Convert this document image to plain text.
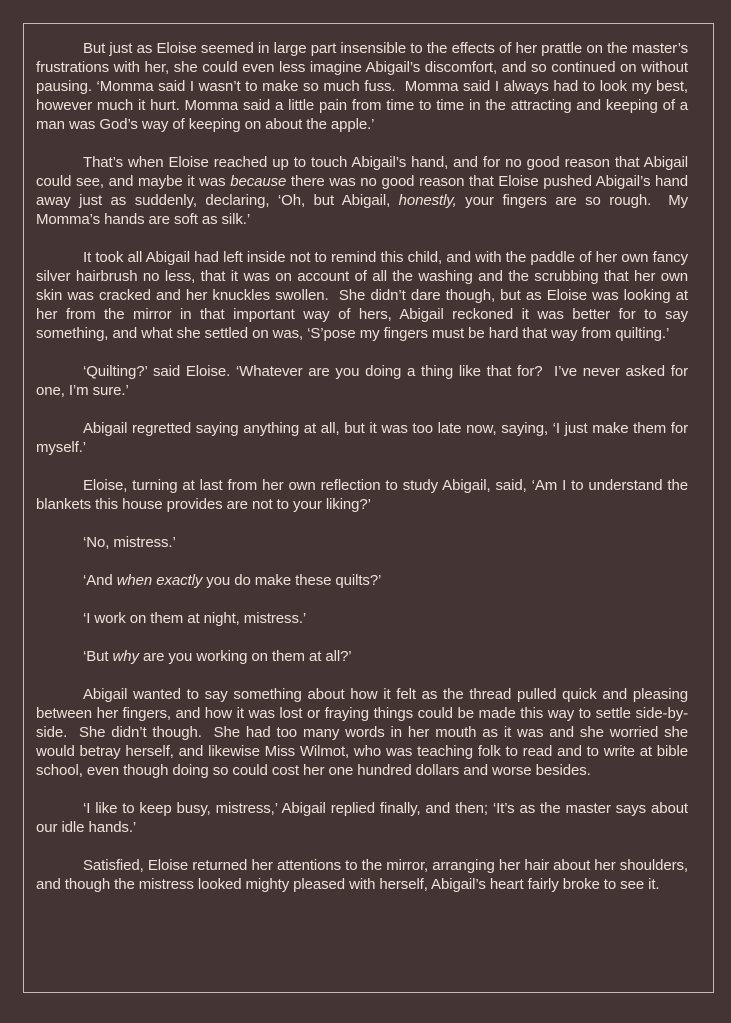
But just as Eloise seemed in large part insensible to the effects of her prattle on the master’s frustrations with her, she could even less imagine Abigail’s discomfort, and so continued on without pausing. ‘Momma said I wasn’t to make so much fuss.  Momma said I always had to look my best, however much it hurt. Momma said a little pain from time to time in the attracting and keeping of a man was God’s way of keeping on about the apple.’

That’s when Eloise reached up to touch Abigail’s hand, and for no good reason that Abigail could see, and maybe it was because there was no good reason that Eloise pushed Abigail’s hand away just as suddenly, declaring, ‘Oh, but Abigail, honestly, your fingers are so rough.  My Momma’s hands are soft as silk.’

It took all Abigail had left inside not to remind this child, and with the paddle of her own fancy silver hairbrush no less, that it was on account of all the washing and the scrubbing that her own skin was cracked and her knuckles swollen.  She didn’t dare though, but as Eloise was looking at her from the mirror in that important way of hers, Abigail reckoned it was better for to say something, and what she settled on was, ‘S’pose my fingers must be hard that way from quilting.’

‘Quilting?’ said Eloise. ‘Whatever are you doing a thing like that for?  I’ve never asked for one, I’m sure.’

Abigail regretted saying anything at all, but it was too late now, saying, ‘I just make them for myself.’

Eloise, turning at last from her own reflection to study Abigail, said, ‘Am I to understand the blankets this house provides are not to your liking?’

‘No, mistress.’

‘And when exactly you do make these quilts?’

‘I work on them at night, mistress.’

‘But why are you working on them at all?’

Abigail wanted to say something about how it felt as the thread pulled quick and pleasing between her fingers, and how it was lost or fraying things could be made this way to settle side-by-side.  She didn’t though.  She had too many words in her mouth as it was and she worried she would betray herself, and likewise Miss Wilmot, who was teaching folk to read and to write at bible school, even though doing so could cost her one hundred dollars and worse besides.

‘I like to keep busy, mistress,’ Abigail replied finally, and then; ‘It’s as the master says about our idle hands.’

Satisfied, Eloise returned her attentions to the mirror, arranging her hair about her shoulders, and though the mistress looked mighty pleased with herself, Abigail’s heart fairly broke to see it.
